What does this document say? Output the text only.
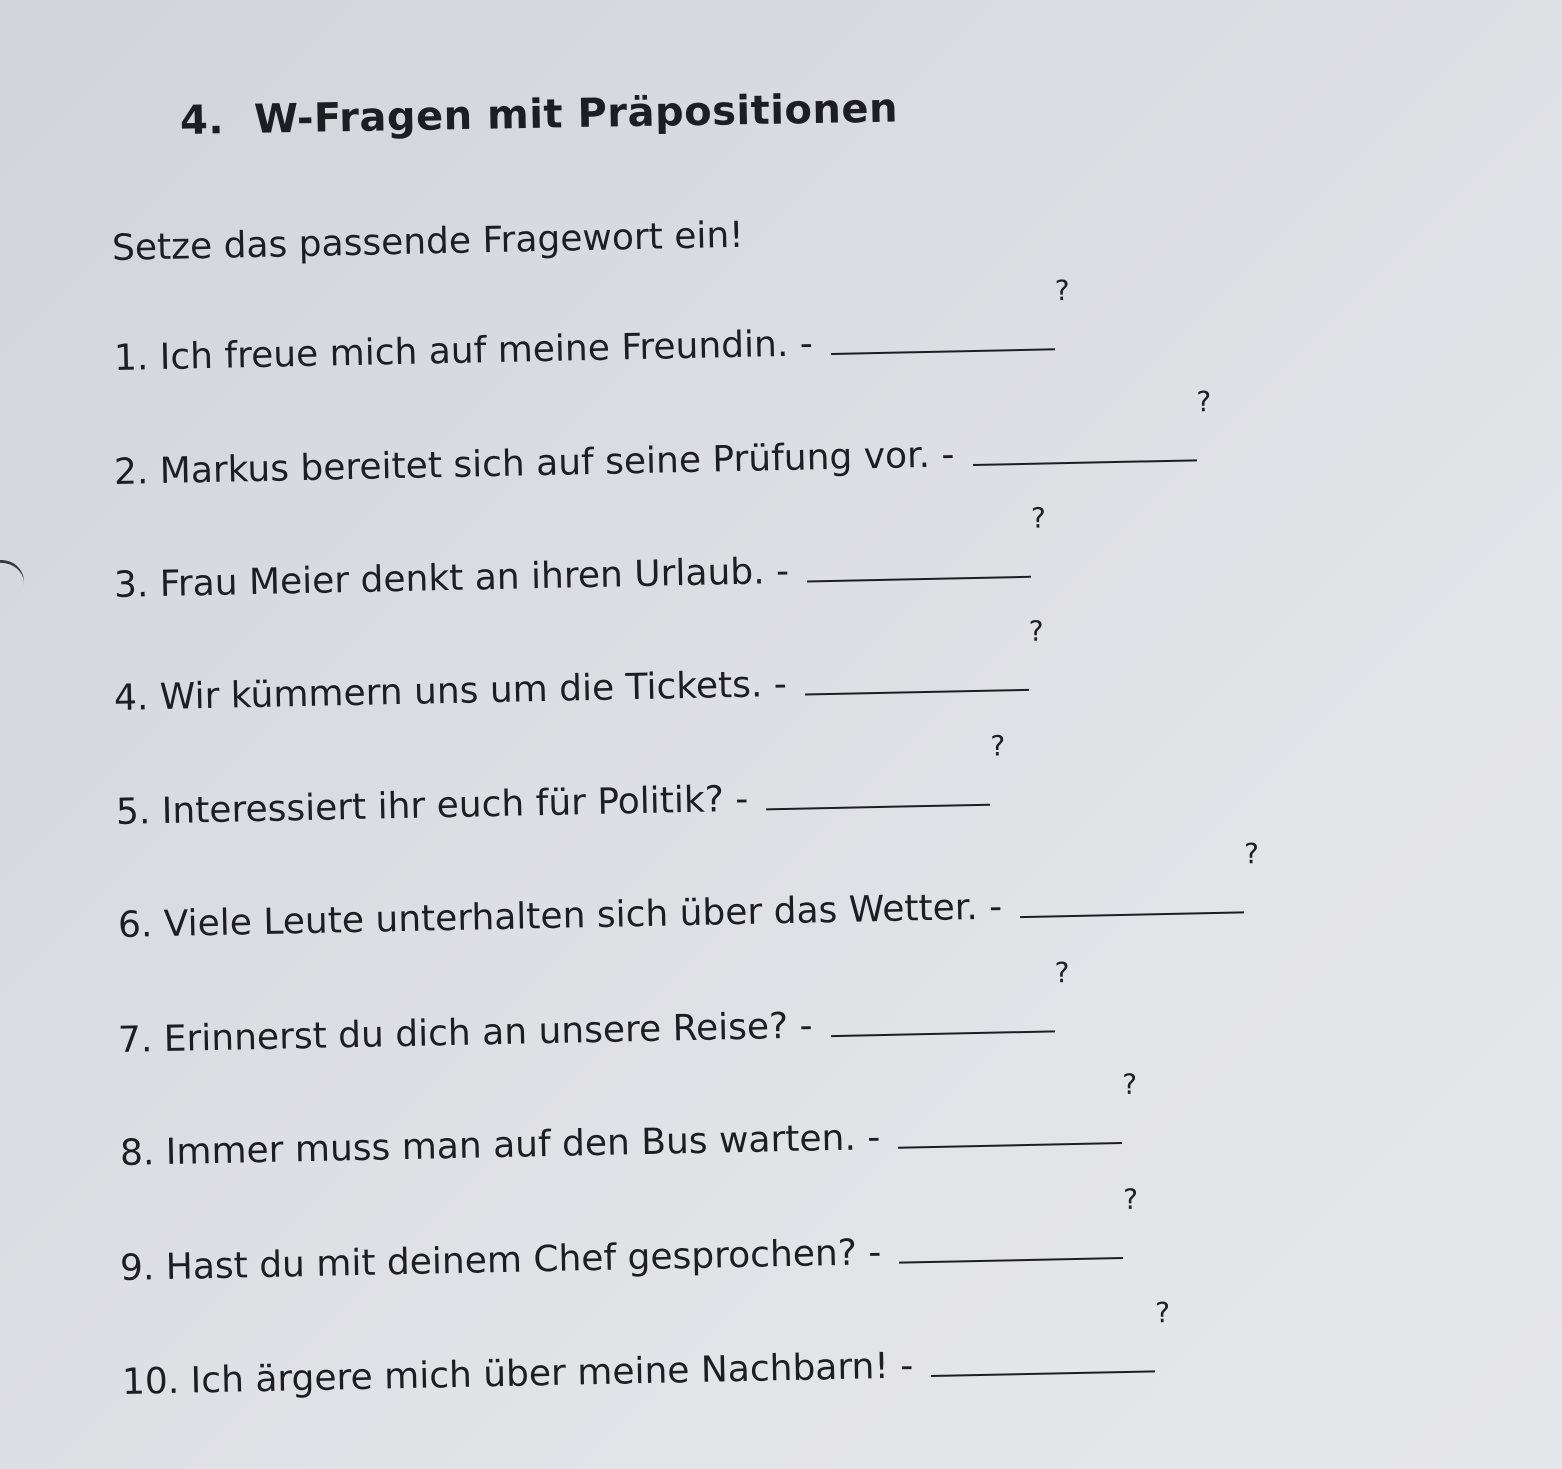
4. W-Fragen mit Präpositionen
Setze das passende Fragewort ein!
1. Ich freue mich auf meine Freundin. -
?
2. Markus bereitet sich auf seine Prüfung vor. -
?
3. Frau Meier denkt an ihren Urlaub. -
?
4. Wir kümmern uns um die Tickets. -
?
5. Interessiert ihr euch für Politik? -
?
6. Viele Leute unterhalten sich über das Wetter. -
?
7. Erinnerst du dich an unsere Reise? -
?
8. Immer muss man auf den Bus warten. -
?
9. Hast du mit deinem Chef gesprochen? -
?
10. Ich ärgere mich über meine Nachbarn! -
?
